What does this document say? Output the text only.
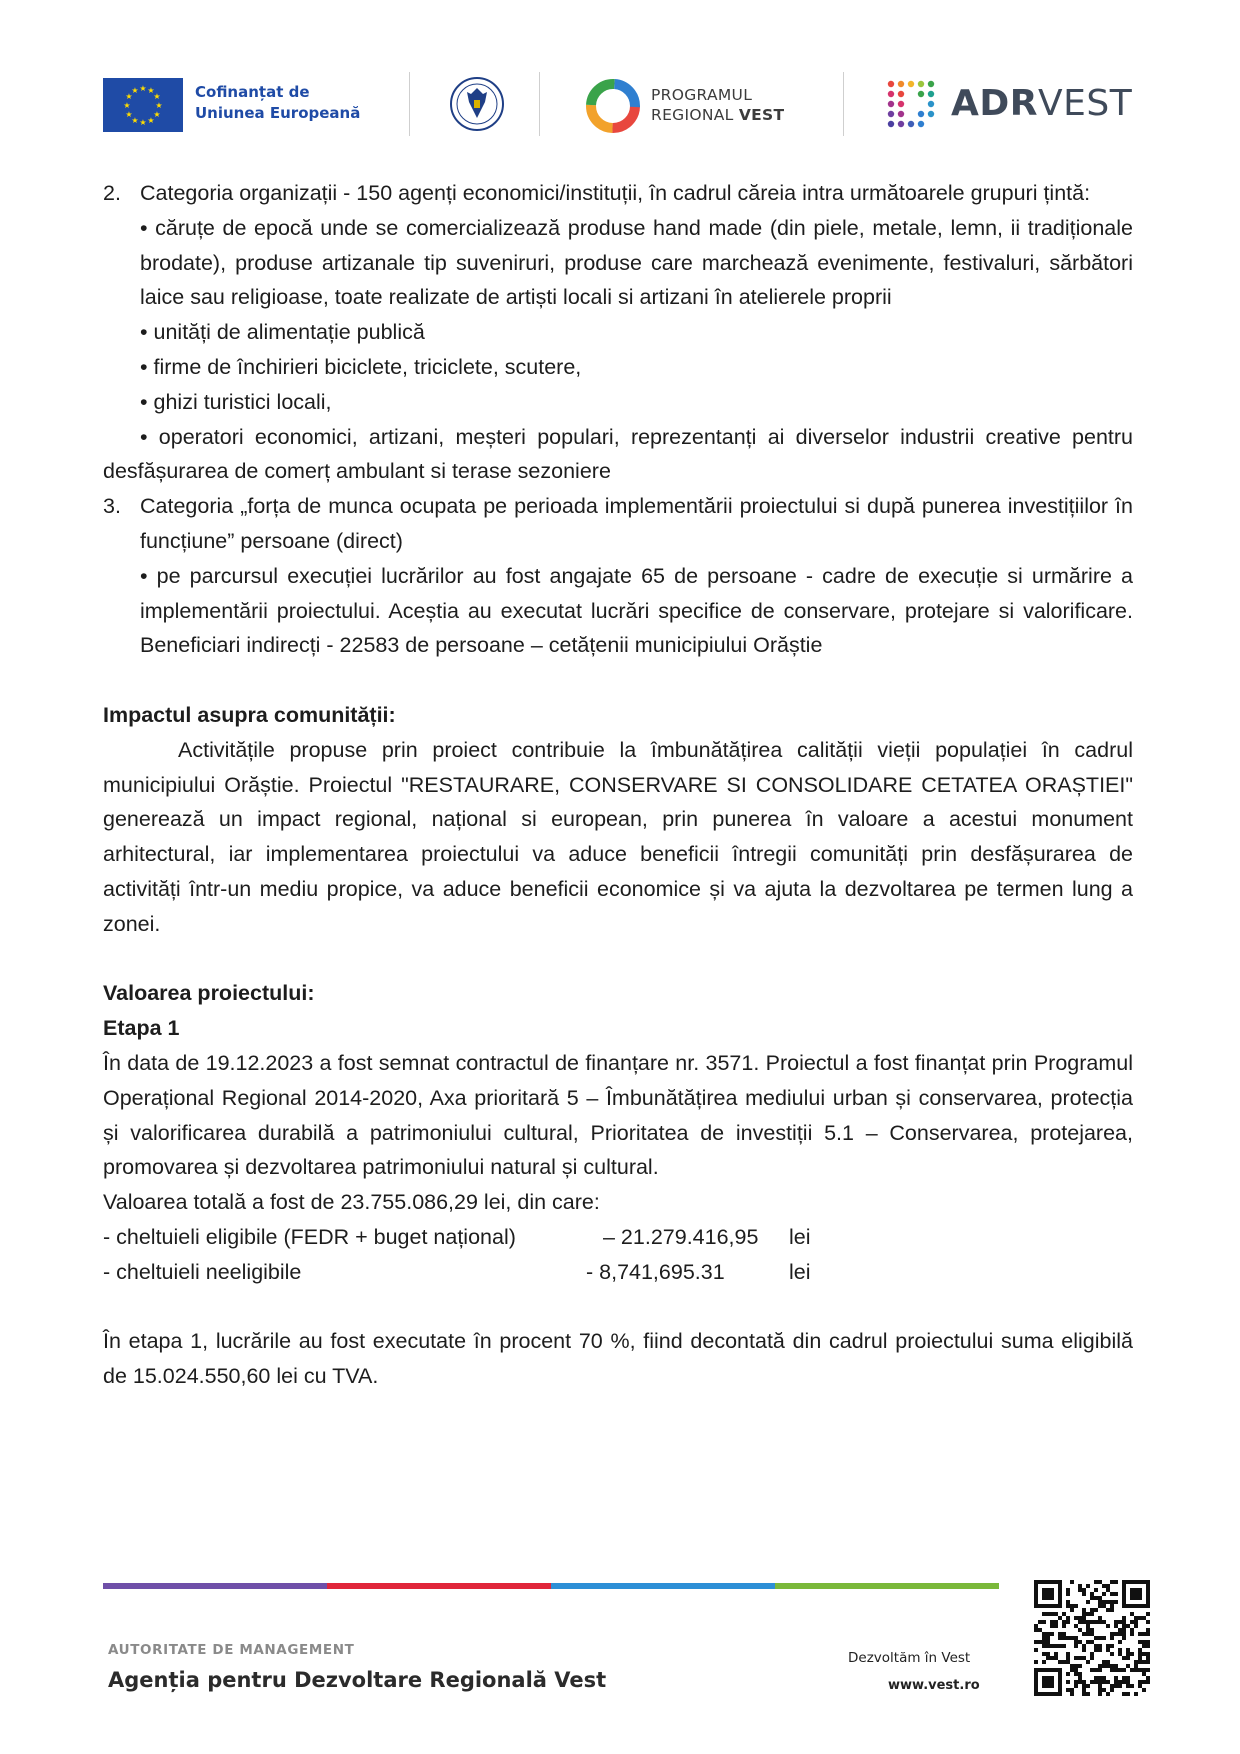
★ ★
★
★
★
★
★
★
★
★
★
★	Cofinanțat de
Uniunea Europeană
PROGRAMUL
REGIONAL VEST	ADRVEST
2. Categoria organizații - 150 agenți economici/instituții, în cadrul căreia intra următoarele grupuri țintă:

• căruțe de epocă unde se comercializează produse hand made (din piele, metale, lemn, ii tradiționale brodate), produse artizanale tip suveniruri, produse care marchează evenimente, festivaluri, sărbători laice sau religioase, toate realizate de artiști locali si artizani în atelierele proprii

• unități de alimentație publică

• firme de închirieri biciclete, triciclete, scutere,

• ghizi turistici locali,

• operatori economici, artizani, meșteri populari, reprezentanți ai diverselor industrii creative pentru desfășurarea de comerț ambulant si terase sezoniere

3. Categoria „forța de munca ocupata pe perioada implementării proiectului si după punerea investițiilor în funcțiune” persoane (direct)

• pe parcursul execuției lucrărilor au fost angajate 65 de persoane - cadre de execuție si urmărire a implementării proiectului. Aceștia au executat lucrări specifice de conservare, protejare si valorificare. Beneficiari indirecți - 22583 de persoane – cetățenii municipiului Orăștie

Impactul asupra comunității:

Activitățile propuse prin proiect contribuie la îmbunătățirea calității vieții populației în cadrul municipiului Orăștie. Proiectul "RESTAURARE, CONSERVARE SI CONSOLIDARE CETATEA ORAȘTIEI" generează un impact regional, național si european, prin punerea în valoare a acestui monument arhitectural, iar implementarea proiectului va aduce beneficii întregii comunități prin desfășurarea de activități într-un mediu propice, va aduce beneficii economice și va ajuta la dezvoltarea pe termen lung a zonei.

Valoarea proiectului:

Etapa 1

În data de 19.12.2023 a fost semnat contractul de finanțare nr. 3571. Proiectul a fost finanțat prin Programul Operațional Regional 2014-2020, Axa prioritară 5 – Îmbunătățirea mediului urban și conservarea, protecția și valorificarea durabilă a patrimoniului cultural, Prioritatea de investiții 5.1 – Conservarea, protejarea, promovarea și dezvoltarea patrimoniului natural și cultural.

Valoarea totală a fost de 23.755.086,29 lei, din care:

- cheltuieli eligibile (FEDR + buget național)	– 21.279.416,95 lei
- cheltuieli neeligibile	- 8,741,695.31	lei

În etapa 1, lucrările au fost executate în procent 70 %, fiind decontată din cadrul proiectului suma eligibilă de 15.024.550,60 lei cu TVA.

AUTORITATE DE MANAGEMENT
Agenția pentru Dezvoltare Regională Vest
Dezvoltăm în Vest
www.vest.ro
